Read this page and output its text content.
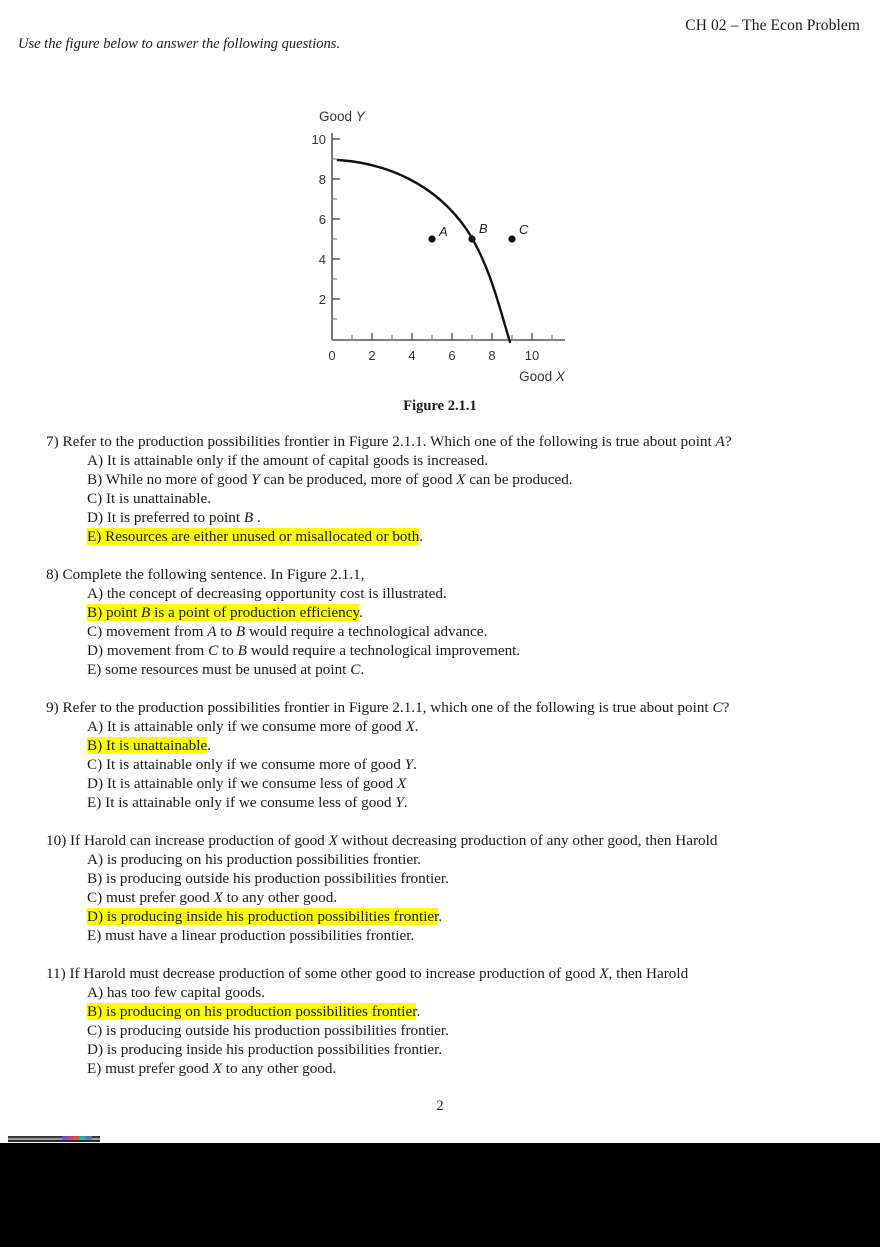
CH 02 – The Econ Problem
Use the figure below to answer the following questions.
A B C
10
8
6
4
2
0	2	4	6	8 10
Good Y
Good X
Figure 2.1.1
7) Refer to the production possibilities frontier in Figure 2.1.1. Which one of the following is true about point A?
A) It is attainable only if the amount of capital goods is increased.
B) While no more of good Y can be produced, more of good X can be produced.
C) It is unattainable.
D) It is preferred to point B .
E) Resources are either unused or misallocated or both.
8) Complete the following sentence. In Figure 2.1.1,
A) the concept of decreasing opportunity cost is illustrated.
B) point B is a point of production efficiency.
C) movement from A to B would require a technological advance.
D) movement from C to B would require a technological improvement.
E) some resources must be unused at point C.
9) Refer to the production possibilities frontier in Figure 2.1.1, which one of the following is true about point C?
A) It is attainable only if we consume more of good X.
B) It is unattainable.
C) It is attainable only if we consume more of good Y.
D) It is attainable only if we consume less of good X
E) It is attainable only if we consume less of good Y.
10) If Harold can increase production of good X without decreasing production of any other good, then Harold
A) is producing on his production possibilities frontier.
B) is producing outside his production possibilities frontier.
C) must prefer good X to any other good.
D) is producing inside his production possibilities frontier.
E) must have a linear production possibilities frontier.
11) If Harold must decrease production of some other good to increase production of good X, then Harold
A) has too few capital goods.
B) is producing on his production possibilities frontier.
C) is producing outside his production possibilities frontier.
D) is producing inside his production possibilities frontier.
E) must prefer good X to any other good.
2
